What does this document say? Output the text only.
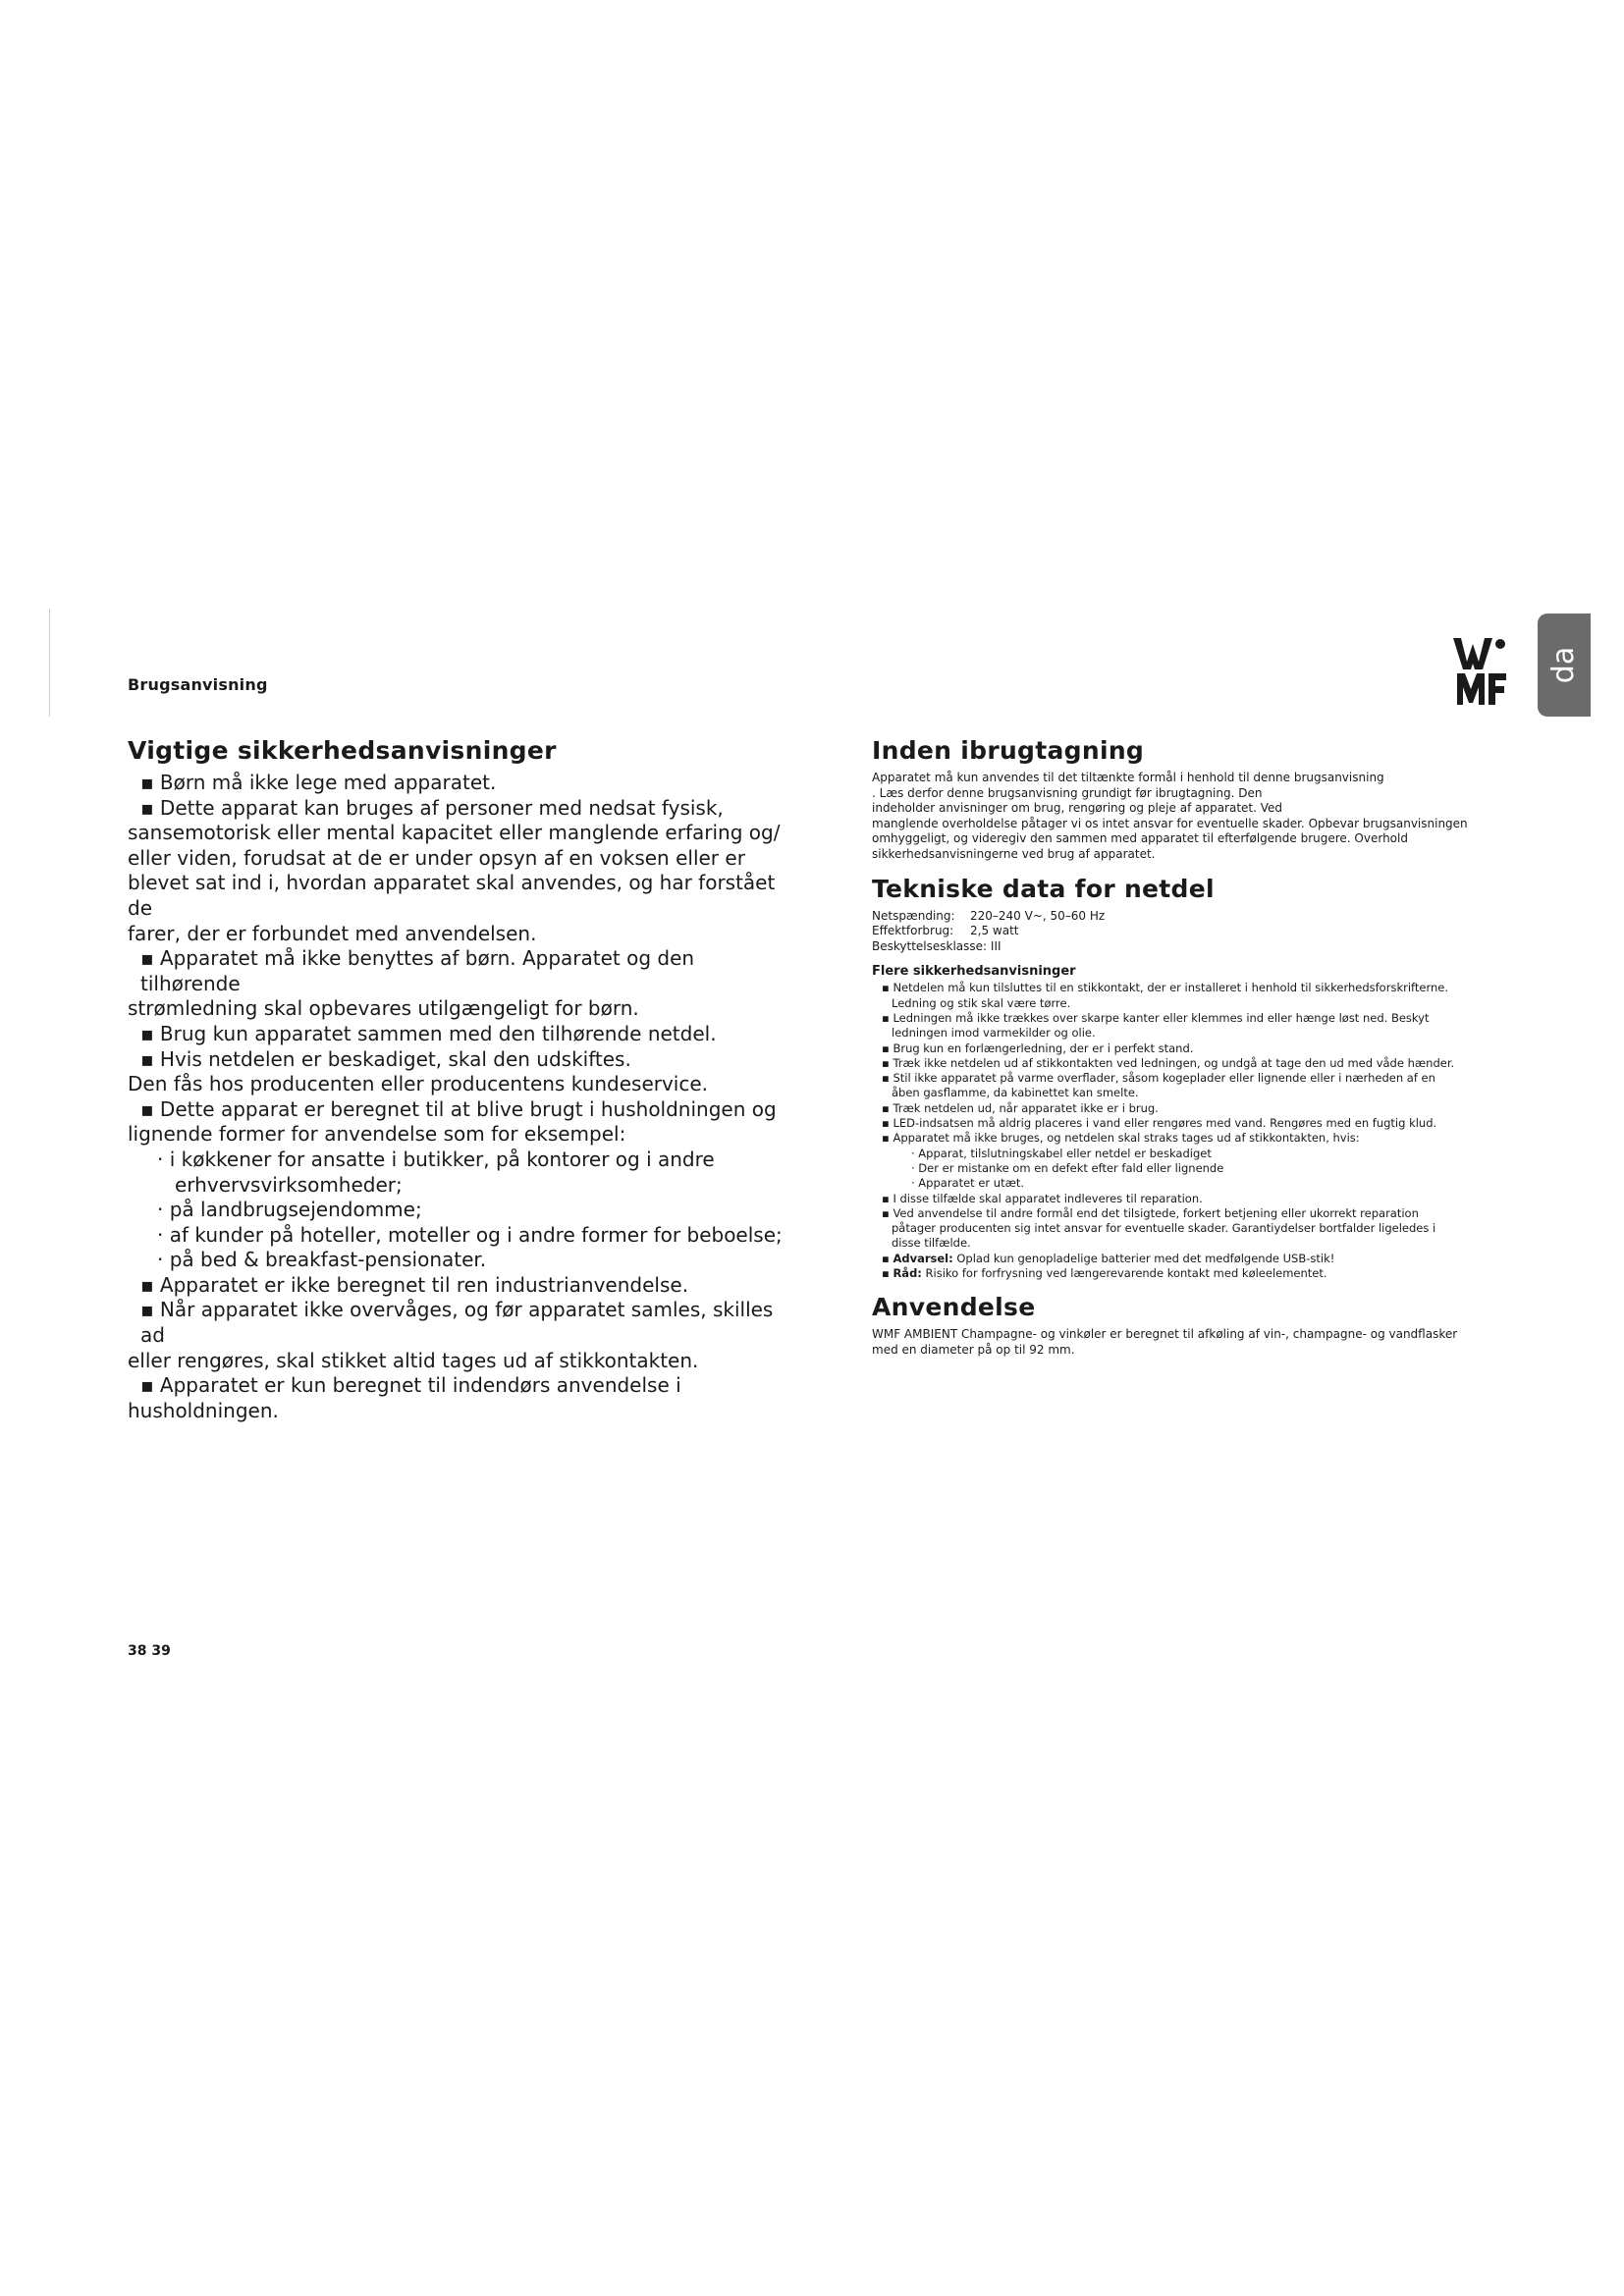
Brugsanvisning
da
Vigtige sikkerhedsanvisninger

▪ Børn må ikke lege med apparatet.

▪ Dette apparat kan bruges af personer med nedsat fysisk,

sansemotorisk eller mental kapacitet eller manglende erfaring og/

eller viden, forudsat at de er under opsyn af en voksen eller er

blevet sat ind i, hvordan apparatet skal anvendes, og har forstået de

farer, der er forbundet med anvendelsen.

▪ Apparatet må ikke benyttes af børn. Apparatet og den tilhørende

strømledning skal opbevares utilgængeligt for børn.

▪ Brug kun apparatet sammen med den tilhørende netdel.

▪ Hvis netdelen er beskadiget, skal den udskiftes.

Den fås hos producenten eller producentens kundeservice.

▪ Dette apparat er beregnet til at blive brugt i husholdningen og

lignende former for anvendelse som for eksempel:

· i køkkener for ansatte i butikker, på kontorer og i andre

erhvervsvirksomheder;

· på landbrugsejendomme;

· af kunder på hoteller, moteller og i andre former for beboelse;

· på bed & breakfast-pensionater.

▪ Apparatet er ikke beregnet til ren industrianvendelse.

▪ Når apparatet ikke overvåges, og før apparatet samles, skilles ad

eller rengøres, skal stikket altid tages ud af stikkontakten.

▪ Apparatet er kun beregnet til indendørs anvendelse i

husholdningen.

Inden ibrugtagning

Apparatet må kun anvendes til det tiltænkte formål i henhold til denne brugsanvisning

. Læs derfor denne brugsanvisning grundigt før ibrugtagning. Den

indeholder anvisninger om brug, rengøring og pleje af apparatet. Ved

manglende overholdelse påtager vi os intet ansvar for eventuelle skader. Opbevar brugsanvisningen

omhyggeligt, og videregiv den sammen med apparatet til efterfølgende brugere. Overhold

sikkerhedsanvisningerne ved brug af apparatet.

Tekniske data for netdel

Netspænding: 220–240 V~, 50–60 Hz

Effektforbrug: 2,5 watt

Beskyttelsesklasse: III

Flere sikkerhedsanvisninger

▪ Netdelen må kun tilsluttes til en stikkontakt, der er installeret i henhold til sikkerhedsforskrifterne.

Ledning og stik skal være tørre.

▪ Ledningen må ikke trækkes over skarpe kanter eller klemmes ind eller hænge løst ned. Beskyt

ledningen imod varmekilder og olie.

▪ Brug kun en forlængerledning, der er i perfekt stand.

▪ Træk ikke netdelen ud af stikkontakten ved ledningen, og undgå at tage den ud med våde hænder.

▪ Stil ikke apparatet på varme overflader, såsom kogeplader eller lignende eller i nærheden af en

åben gasflamme, da kabinettet kan smelte.

▪ Træk netdelen ud, når apparatet ikke er i brug.

▪ LED-indsatsen må aldrig placeres i vand eller rengøres med vand. Rengøres med en fugtig klud.

▪ Apparatet må ikke bruges, og netdelen skal straks tages ud af stikkontakten, hvis:

· Apparat, tilslutningskabel eller netdel er beskadiget

· Der er mistanke om en defekt efter fald eller lignende

· Apparatet er utæt.

▪ I disse tilfælde skal apparatet indleveres til reparation.

▪ Ved anvendelse til andre formål end det tilsigtede, forkert betjening eller ukorrekt reparation

påtager producenten sig intet ansvar for eventuelle skader. Garantiydelser bortfalder ligeledes i

disse tilfælde.

▪ Advarsel: Oplad kun genopladelige batterier med det medfølgende USB-stik!

▪ Råd: Risiko for forfrysning ved længerevarende kontakt med køleelementet.

Anvendelse

WMF AMBIENT Champagne- og vinkøler er beregnet til afkøling af vin-, champagne- og vandflasker

med en diameter på op til 92 mm.

38 39
